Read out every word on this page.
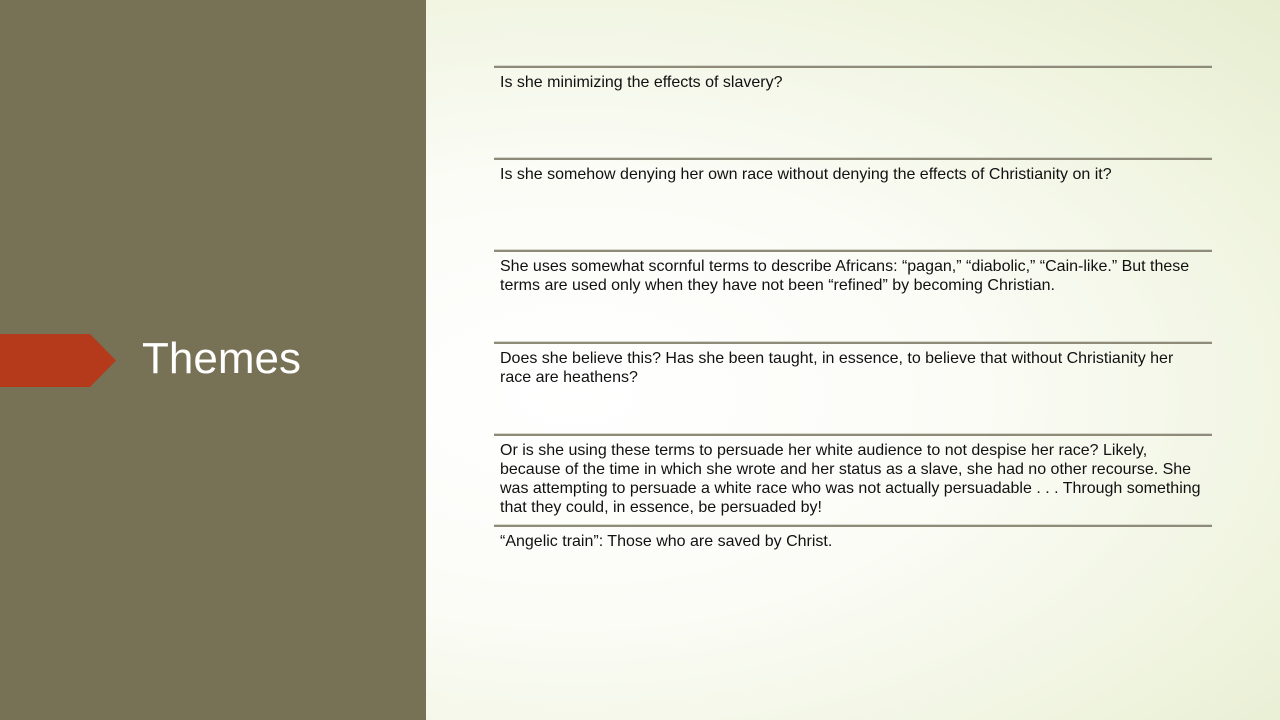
Themes
Is she minimizing the effects of slavery?
Is she somehow denying her own race without denying the effects of Christianity on it?
She uses somewhat scornful terms to describe Africans: “pagan,” “diabolic,” “Cain-like.” But these terms are used only when they have not been “refined” by becoming Christian.
Does she believe this? Has she been taught, in essence, to believe that without Christianity her race are heathens?
Or is she using these terms to persuade her white audience to not despise her race? Likely, because of the time in which she wrote and her status as a slave, she had no other recourse. She was attempting to persuade a white race who was not actually persuadable . . . Through something that they could, in essence, be persuaded by!
“Angelic train”: Those who are saved by Christ.
